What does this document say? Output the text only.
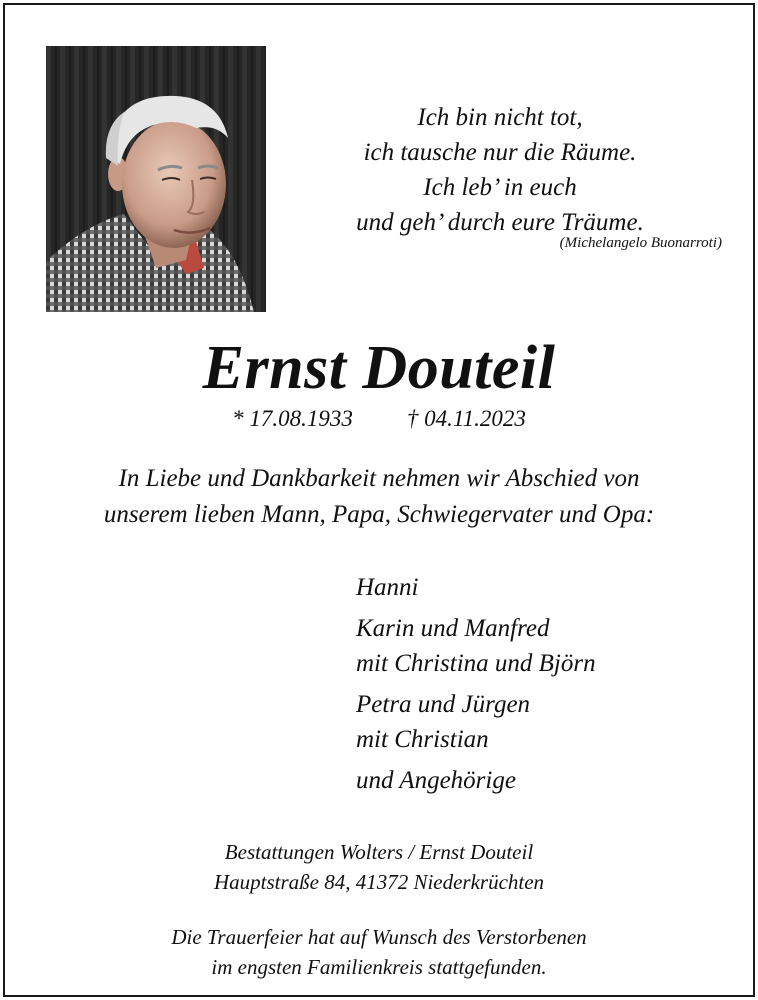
Ich bin nicht tot,
ich tausche nur die Räume.
Ich leb’ in euch
und geh’ durch eure Träume.
(Michelangelo Buonarroti)
Ernst Douteil
* 17.08.1933 † 04.11.2023
In Liebe und Dankbarkeit nehmen wir Abschied von
unserem lieben Mann, Papa, Schwiegervater und Opa:
Hanni
Karin und Manfred
mit Christina und Björn
Petra und Jürgen
mit Christian
und Angehörige
Bestattungen Wolters / Ernst Douteil
Hauptstraße 84, 41372 Niederkrüchten
Die Trauerfeier hat auf Wunsch des Verstorbenen
im engsten Familienkreis stattgefunden.
